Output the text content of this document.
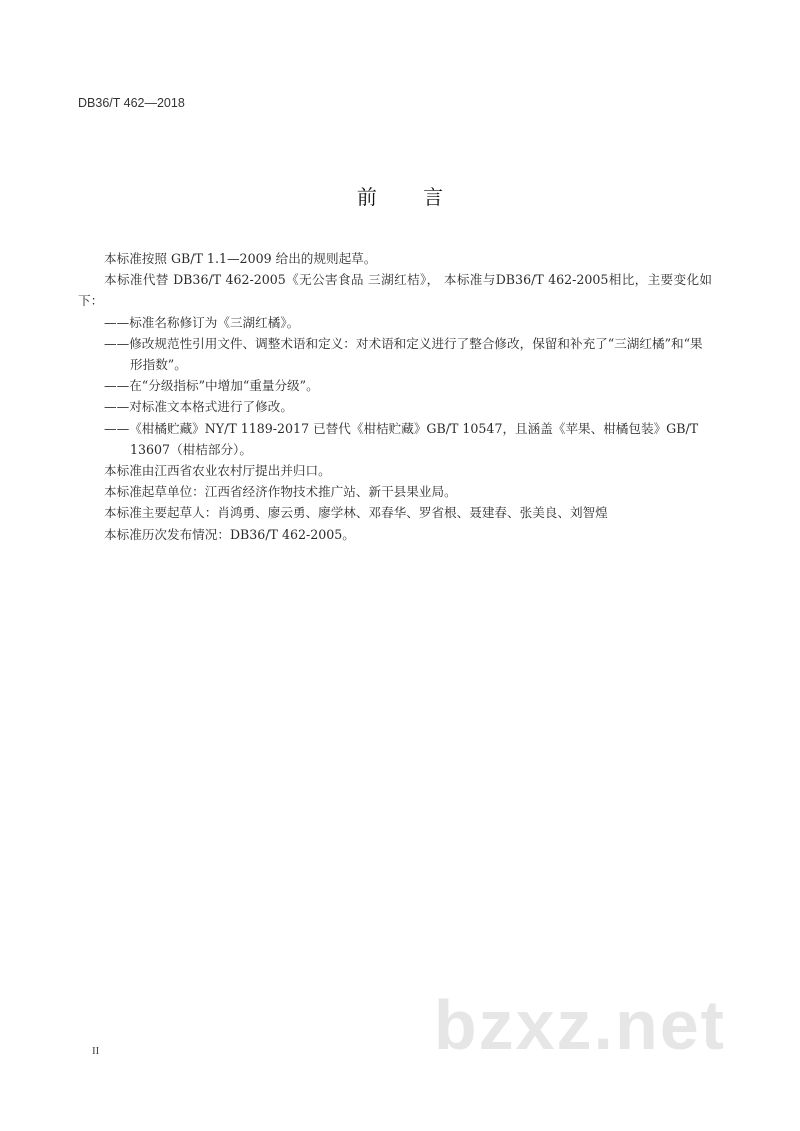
DB36/T 462—2018
前 言

本标准按照 GB/T 1.1—2009 给出的规则起草。

本标准代替 DB36/T 462-2005《无公害食品 三湖红桔》， 本标准与DB36/T 462-2005相比，主要变化如下：

——标准名称修订为《三湖红橘》。

——修改规范性引用文件、调整术语和定义：对术语和定义进行了整合修改，保留和补充了“三湖红橘”和“果形指数”。

——在“分级指标”中增加“重量分级”。

——对标准文本格式进行了修改。

——《柑橘贮藏》NY/T 1189-2017 已替代《柑桔贮藏》GB/T 10547，且涵盖《苹果、柑橘包装》GB/T 13607（柑桔部分）。

本标准由江西省农业农村厅提出并归口。

本标准起草单位：江西省经济作物技术推广站、新干县果业局。

本标准主要起草人：肖鸿勇、廖云勇、廖学林、邓春华、罗省根、聂建春、张美良、刘智煌

本标准历次发布情况：DB36/T 462-2005。

II	bzxz.net
